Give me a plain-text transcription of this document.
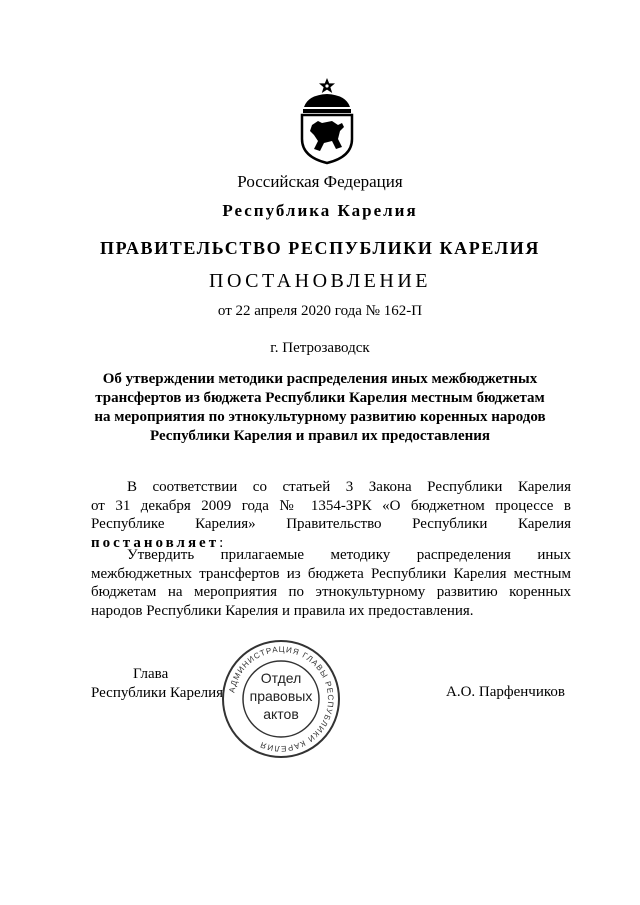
Российская Федерация
Республика Карелия
ПРАВИТЕЛЬСТВО РЕСПУБЛИКИ КАРЕЛИЯ
ПОСТАНОВЛЕНИЕ
от 22 апреля 2020 года № 162-П
г. Петрозаводск
Об утверждении методики распределения иных межбюджетных
трансфертов из бюджета Республики Карелия местным бюджетам
на мероприятия по этнокультурному развитию коренных народов
Республики Карелия и правил их предоставления
В соответствии со статьей 3 Закона Республики Карелия
от 31 декабря 2009 года № 1354-ЗРК «О бюджетном процессе в
Республике Карелия» Правительство Республики Карелия
постановляет:
Утвердить прилагаемые методику распределения иных
межбюджетных трансфертов из бюджета Республики Карелия местным
бюджетам на мероприятия по этнокультурному развитию коренных
народов Республики Карелия и правила их предоставления.
Глава
Республики Карелия АДМИНИСТРАЦИЯ ГЛАВЫ РЕСПУБЛИКИ КАРЕЛИЯ
Отдел
правовых
актов
А.О. Парфенчиков
